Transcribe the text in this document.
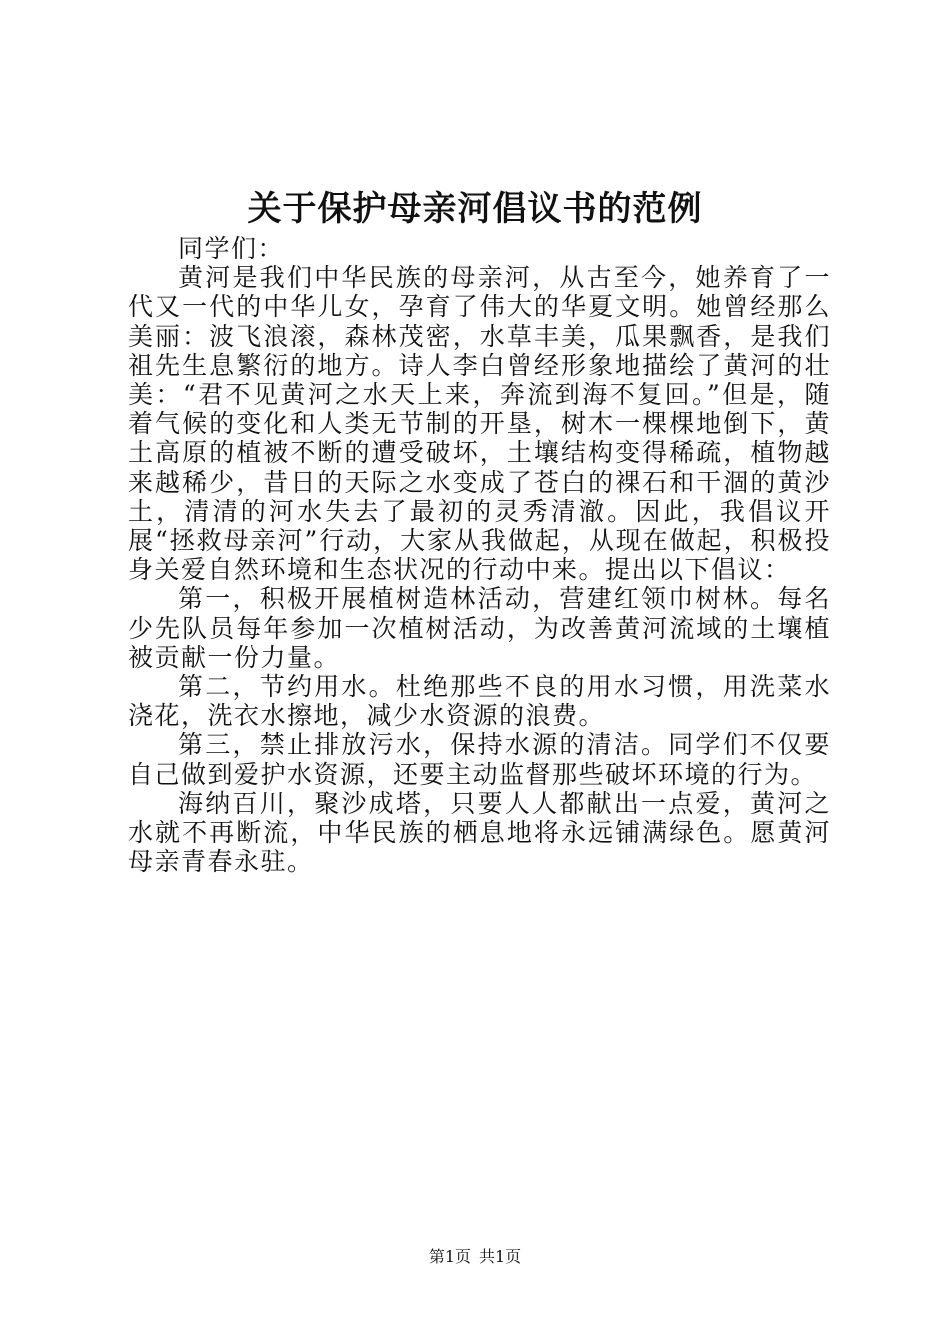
关于保护母亲河倡议书的范例

同学们：

黄河是我们中华民族的母亲河，从古至今，她养育了一代又一代的中华儿女，孕育了伟大的华夏文明。她曾经那么美丽：波飞浪滚，森林茂密，水草丰美，瓜果飘香，是我们祖先生息繁衍的地方。诗人李白曾经形象地描绘了黄河的壮美：“君不见黄河之水天上来，奔流到海不复回。”但是，随着气候的变化和人类无节制的开垦，树木一棵棵地倒下，黄土高原的植被不断的遭受破坏，土壤结构变得稀疏，植物越来越稀少，昔日的天际之水变成了苍白的裸石和干涸的黄沙土，清清的河水失去了最初的灵秀清澈。因此，我倡议开展“拯救母亲河”行动，大家从我做起，从现在做起，积极投身关爱自然环境和生态状况的行动中来。提出以下倡议：

第一，积极开展植树造林活动，营建红领巾树林。每名少先队员每年参加一次植树活动，为改善黄河流域的土壤植被贡献一份力量。

第二，节约用水。杜绝那些不良的用水习惯，用洗菜水浇花，洗衣水擦地，减少水资源的浪费。

第三，禁止排放污水，保持水源的清洁。同学们不仅要自己做到爱护水资源，还要主动监督那些破坏环境的行为。

海纳百川，聚沙成塔，只要人人都献出一点爱，黄河之水就不再断流，中华民族的栖息地将永远铺满绿色。愿黄河母亲青春永驻。

第1页 共1页
